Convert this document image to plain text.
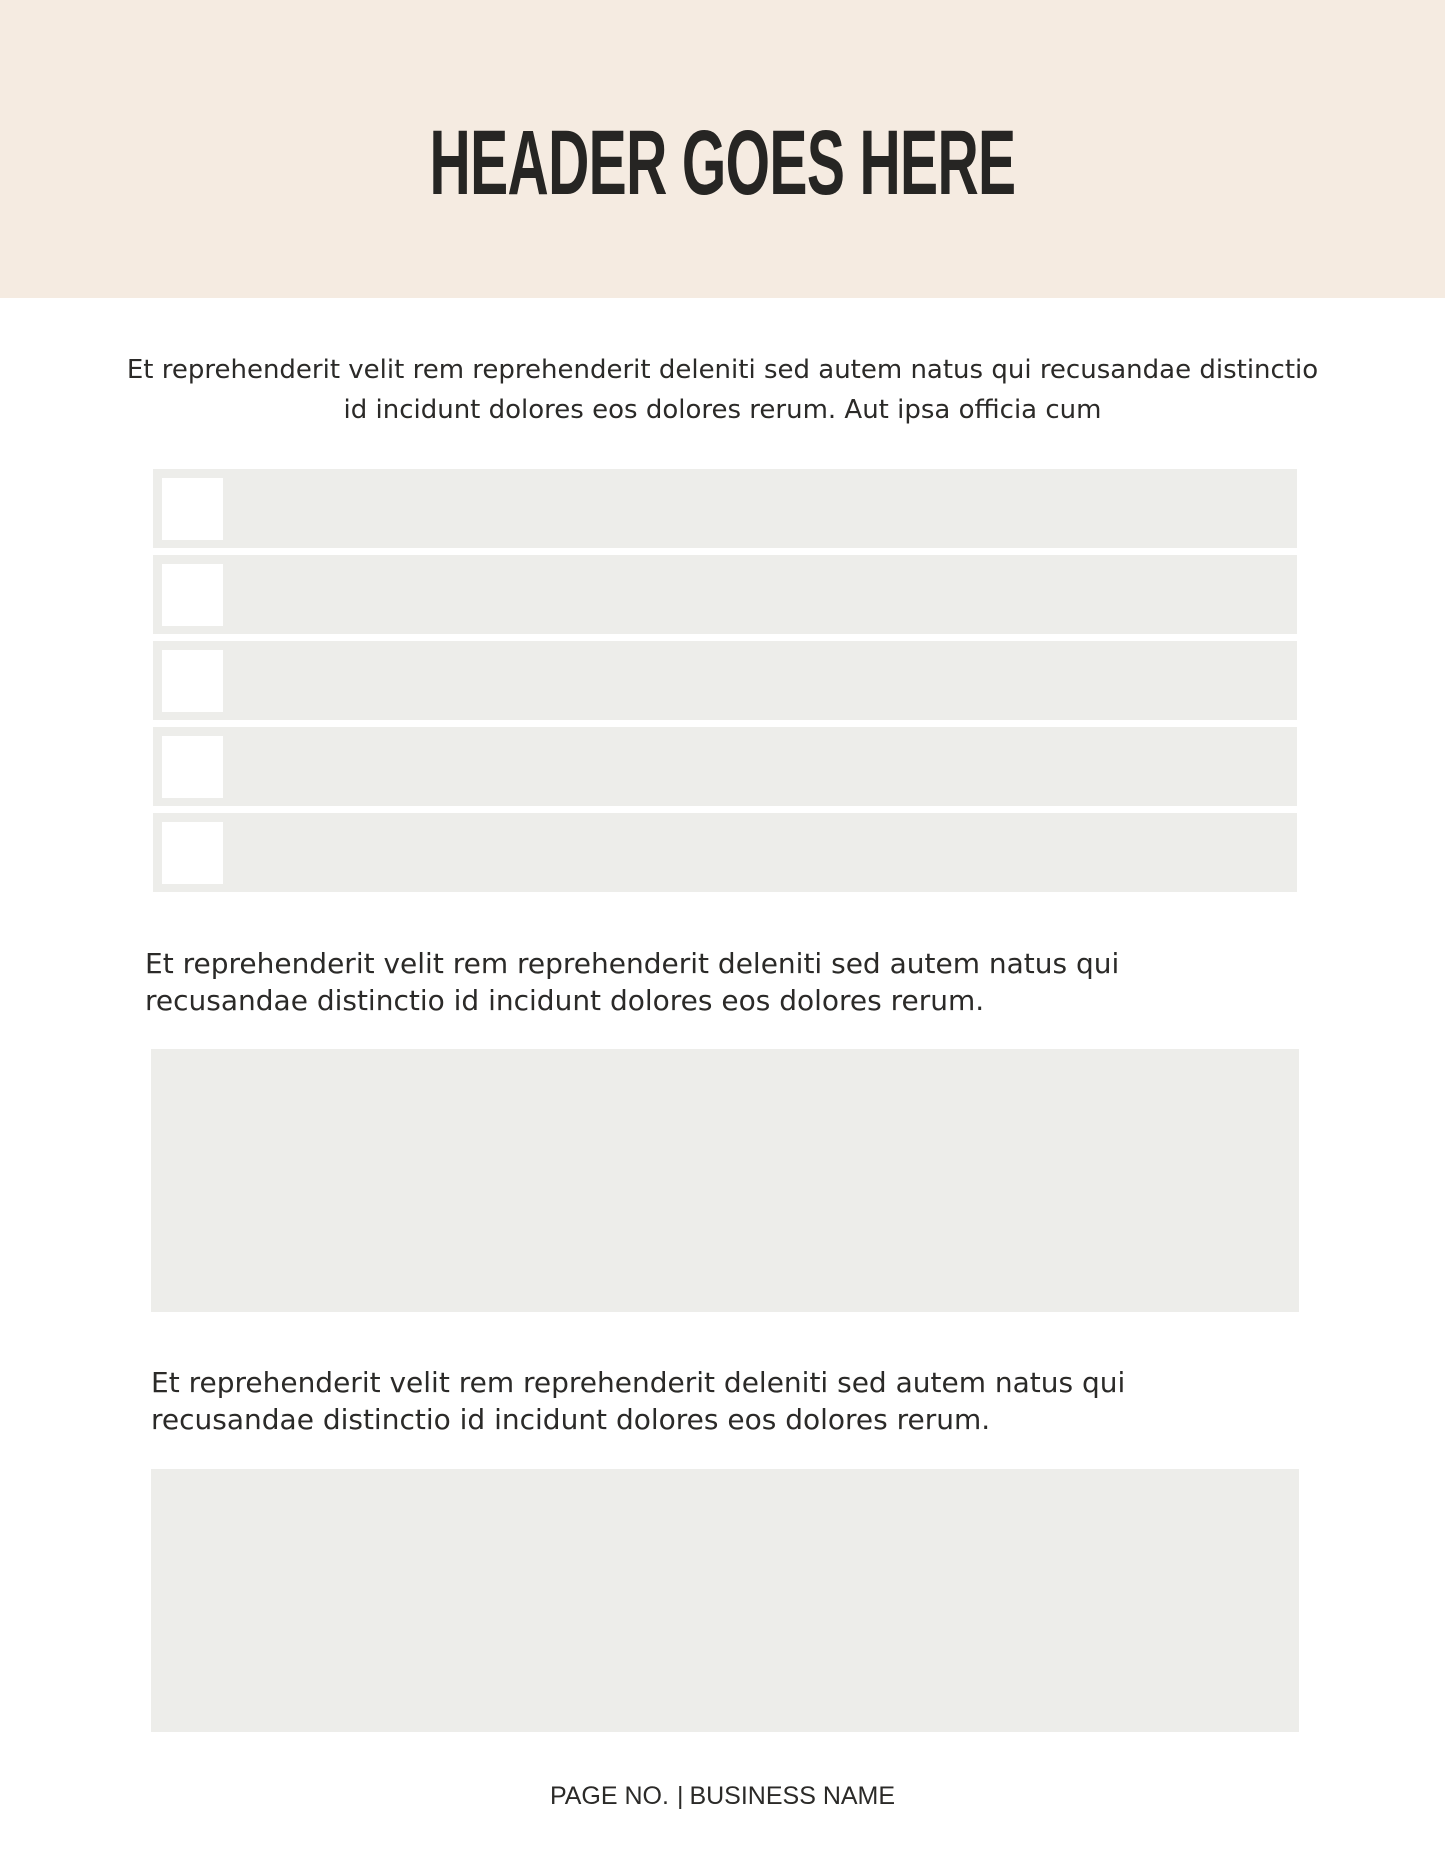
HEADER GOES HERE
Et reprehenderit velit rem reprehenderit deleniti sed autem natus qui recusandae distinctio id incidunt dolores eos dolores rerum. Aut ipsa officia cum
Et reprehenderit velit rem reprehenderit deleniti sed autem natus qui
recusandae distinctio id incidunt dolores eos dolores rerum.
Et reprehenderit velit rem reprehenderit deleniti sed autem natus qui
recusandae distinctio id incidunt dolores eos dolores rerum.
PAGE NO. | BUSINESS NAME
